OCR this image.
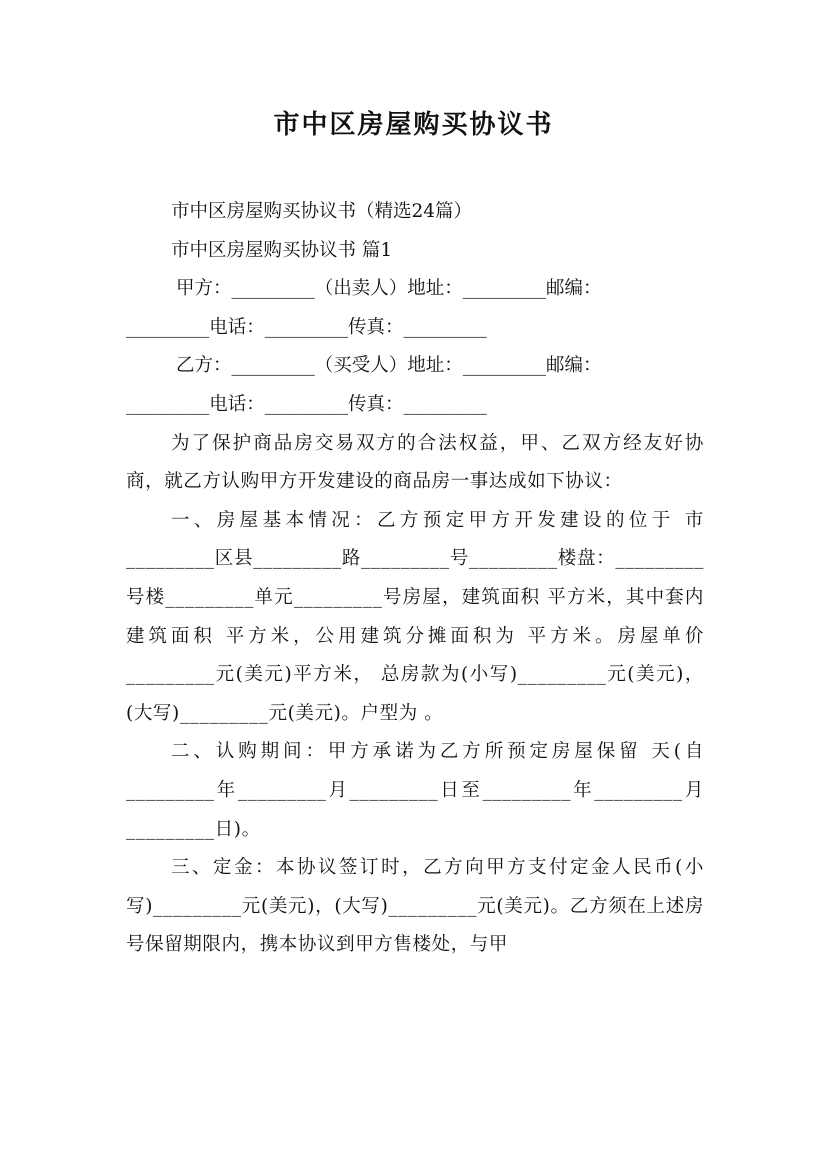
市中区房屋购买协议书
市中区房屋购买协议书（精选24篇）
市中区房屋购买协议书 篇1
甲方：_________（出卖人）地址：_________邮编：
_________电话：_________传真：_________
乙方：_________（买受人）地址：_________邮编：
_________电话：_________传真：_________
为了保护商品房交易双方的合法权益，甲、乙双方经友好协商，就乙方认购甲方开发建设的商品房一事达成如下协议：
一、房屋基本情况：乙方预定甲方开发建设的位于 市_________区县_________路_________号_________楼盘：_________号楼_________单元_________号房屋，建筑面积 平方米，其中套内建筑面积 平方米，公用建筑分摊面积为 平方米。房屋单价_________元(美元)平方米， 总房款为(小写)_________元(美元)，(大写)_________元(美元)。户型为 。
二、认购期间：甲方承诺为乙方所预定房屋保留 天(自_________年_________月_________日至_________年_________月_________日)。
三、定金：本协议签订时，乙方向甲方支付定金人民币(小写)_________元(美元)，(大写)_________元(美元)。乙方须在上述房号保留期限内，携本协议到甲方售楼处，与甲
